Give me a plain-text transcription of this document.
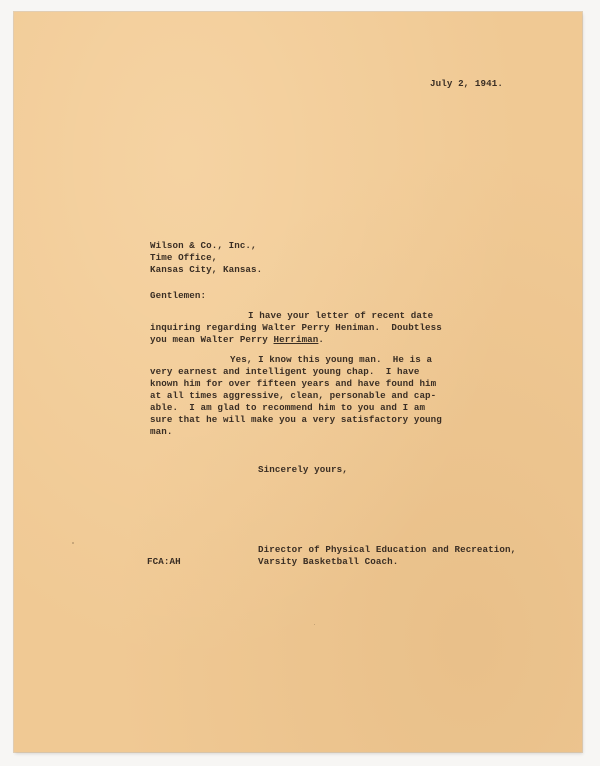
July 2, 1941.
Wilson & Co., Inc.,
Time Office,
Kansas City, Kansas.
Gentlemen:
I have your letter of recent date
inquiring regarding Walter Perry Heniman.  Doubtless
you mean Walter Perry Herriman.
Yes, I know this young man.  He is a
very earnest and intelligent young chap.  I have
known him for over fifteen years and have found him
at all times aggressive, clean, personable and cap-
able.  I am glad to recommend him to you and I am
sure that he will make you a very satisfactory young
man.
Sincerely yours,
Director of Physical Education and Recreation,
FCA:AH	Varsity Basketball Coach.
